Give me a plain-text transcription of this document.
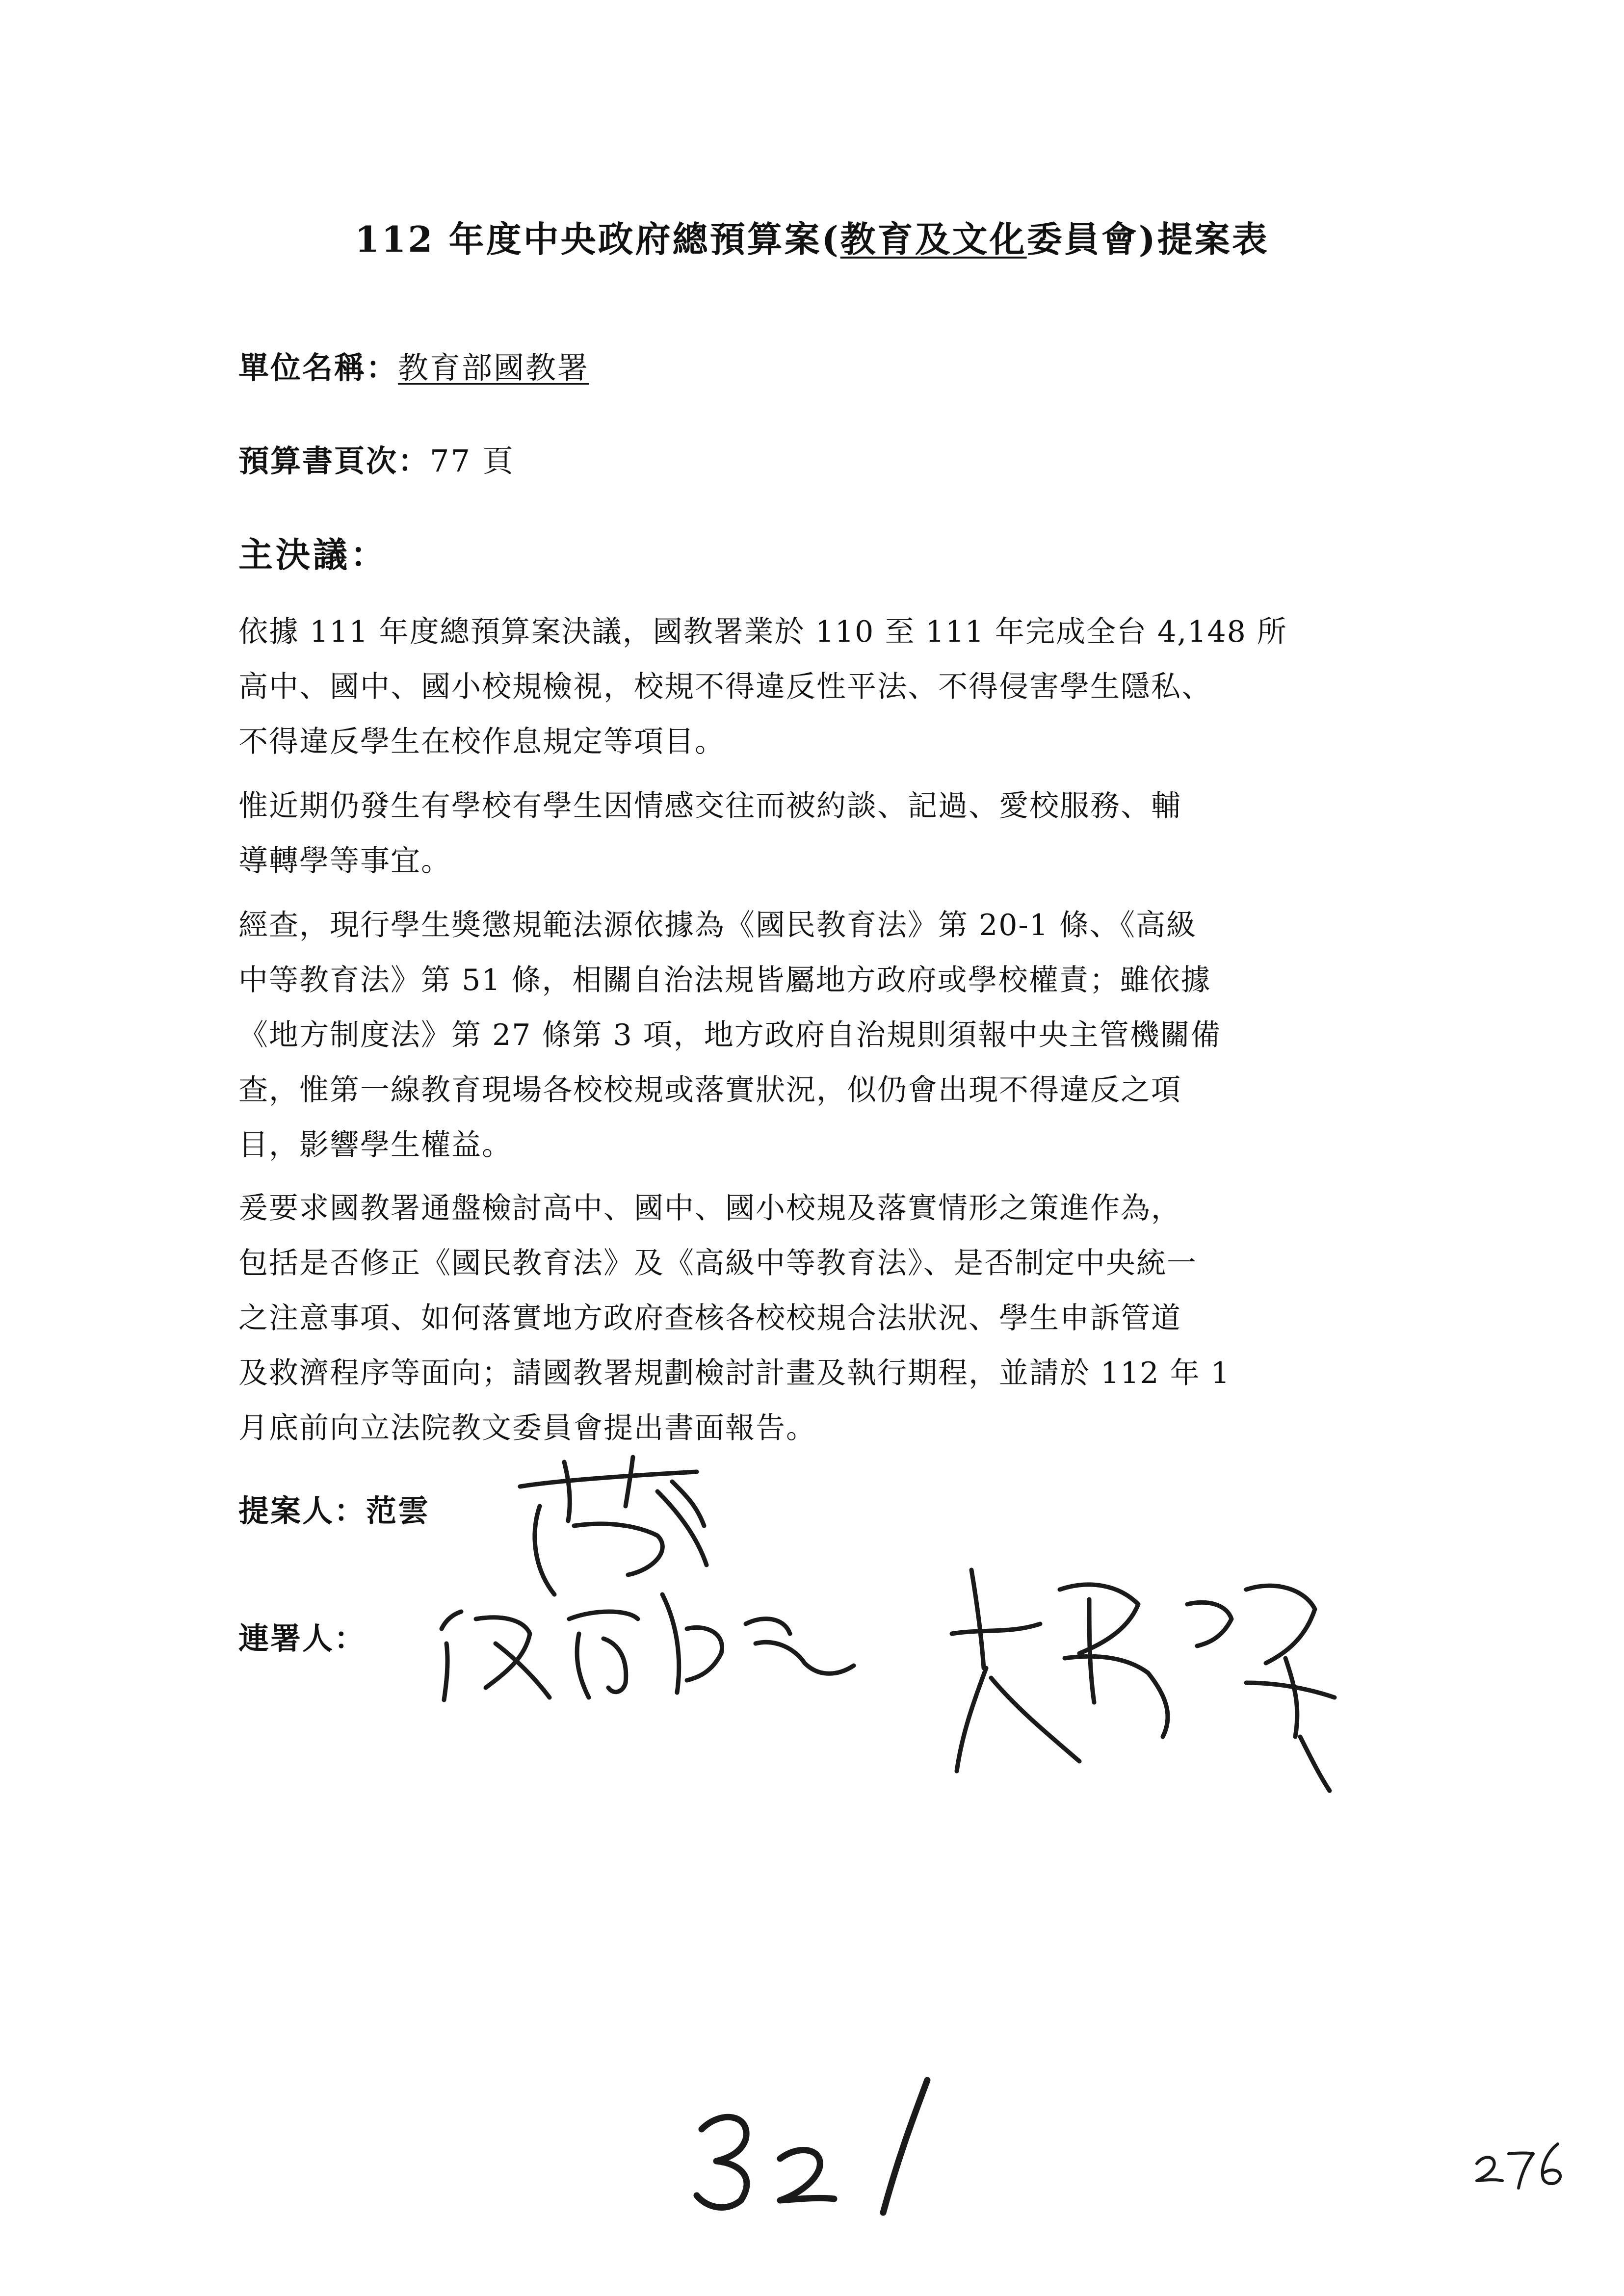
112 年度中央政府總預算案(教育及文化委員會)提案表
單位名稱：教育部國教署
預算書頁次：77 頁
主決議：
依據 111 年度總預算案決議，國教署業於 110 至 111 年完成全台 4,148 所
高中、國中、國小校規檢視，校規不得違反性平法、不得侵害學生隱私、
不得違反學生在校作息規定等項目。
惟近期仍發生有學校有學生因情感交往而被約談、記過、愛校服務、輔
導轉學等事宜。
經查，現行學生獎懲規範法源依據為《國民教育法》第 20-1 條、《高級
中等教育法》第 51 條，相關自治法規皆屬地方政府或學校權責；雖依據
《地方制度法》第 27 條第 3 項，地方政府自治規則須報中央主管機關備
查，惟第一線教育現場各校校規或落實狀況，似仍會出現不得違反之項
目，影響學生權益。
爰要求國教署通盤檢討高中、國中、國小校規及落實情形之策進作為，
包括是否修正《國民教育法》及《高級中等教育法》、是否制定中央統一
之注意事項、如何落實地方政府查核各校校規合法狀況、學生申訴管道
及救濟程序等面向；請國教署規劃檢討計畫及執行期程，並請於 112 年 1
月底前向立法院教文委員會提出書面報告。
提案人：范雲
連署人：
